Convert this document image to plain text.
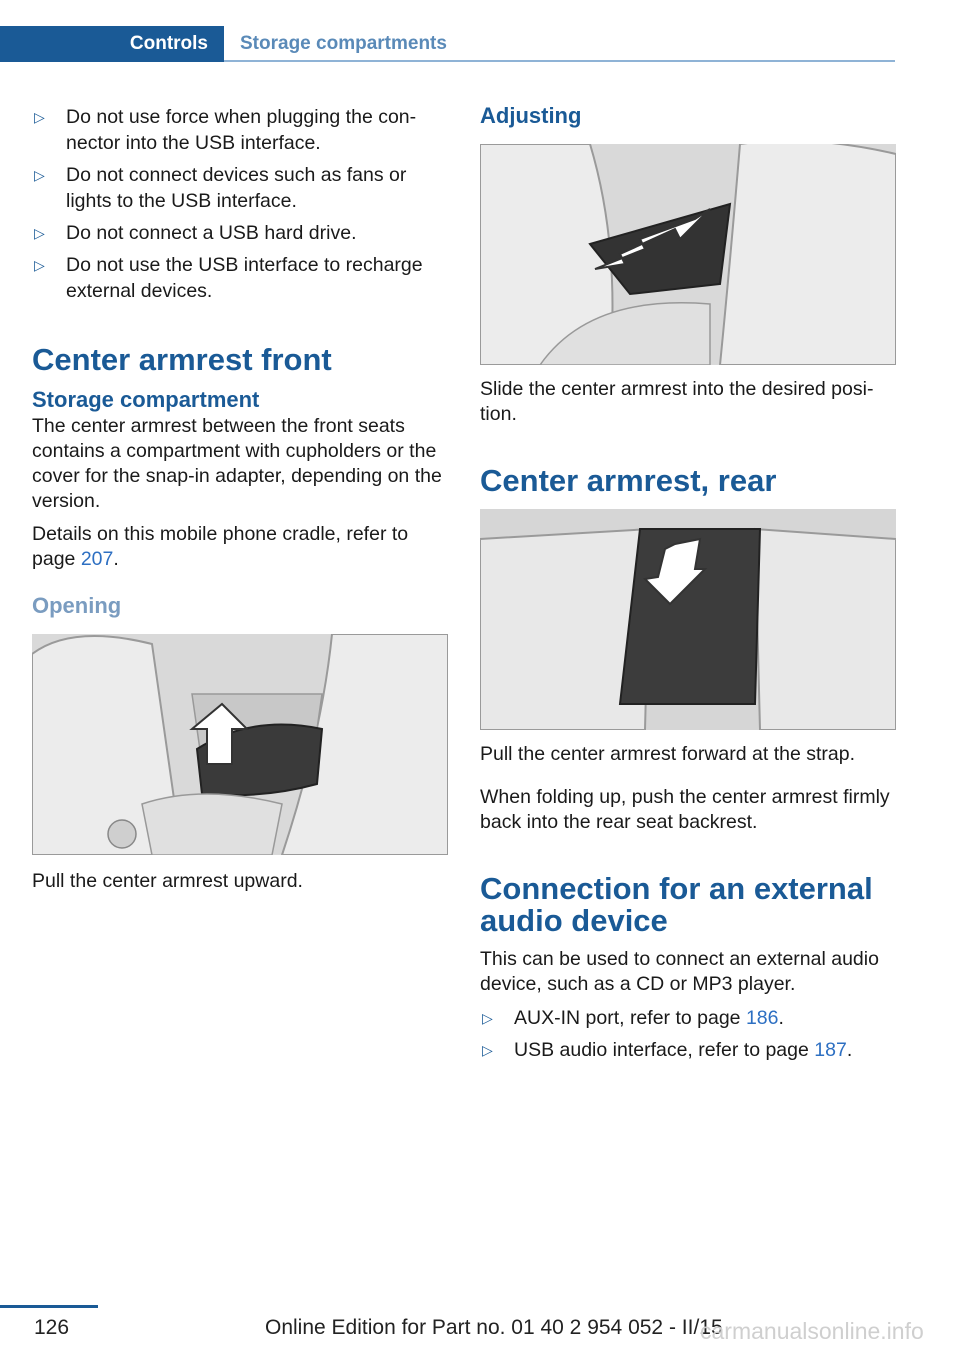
Controls	Storage compartments
▷ Do not use force when plugging the con-nector into the USB interface.
▷ Do not connect devices such as fans or lights to the USB interface.
▷ Do not connect a USB hard drive.
▷ Do not use the USB interface to recharge external devices.
Center armrest front
Storage compartment

The center armrest between the front seats contains a compartment with cupholders or the cover for the snap-in adapter, depending on the version.

Details on this mobile phone cradle, refer to page 207.

Opening

Pull the center armrest upward.

Adjusting

Slide the center armrest into the desired posi-tion.

Center armrest, rear

Pull the center armrest forward at the strap.

When folding up, push the center armrest firmly back into the rear seat backrest.

Connection for an external audio device

This can be used to connect an external audio device, such as a CD or MP3 player.

▷ AUX-IN port, refer to page 186.
▷ USB audio interface, refer to page 187.
126	Online Edition for Part no. 01 40 2 954 052 - II/15
carmanualsonline.info
